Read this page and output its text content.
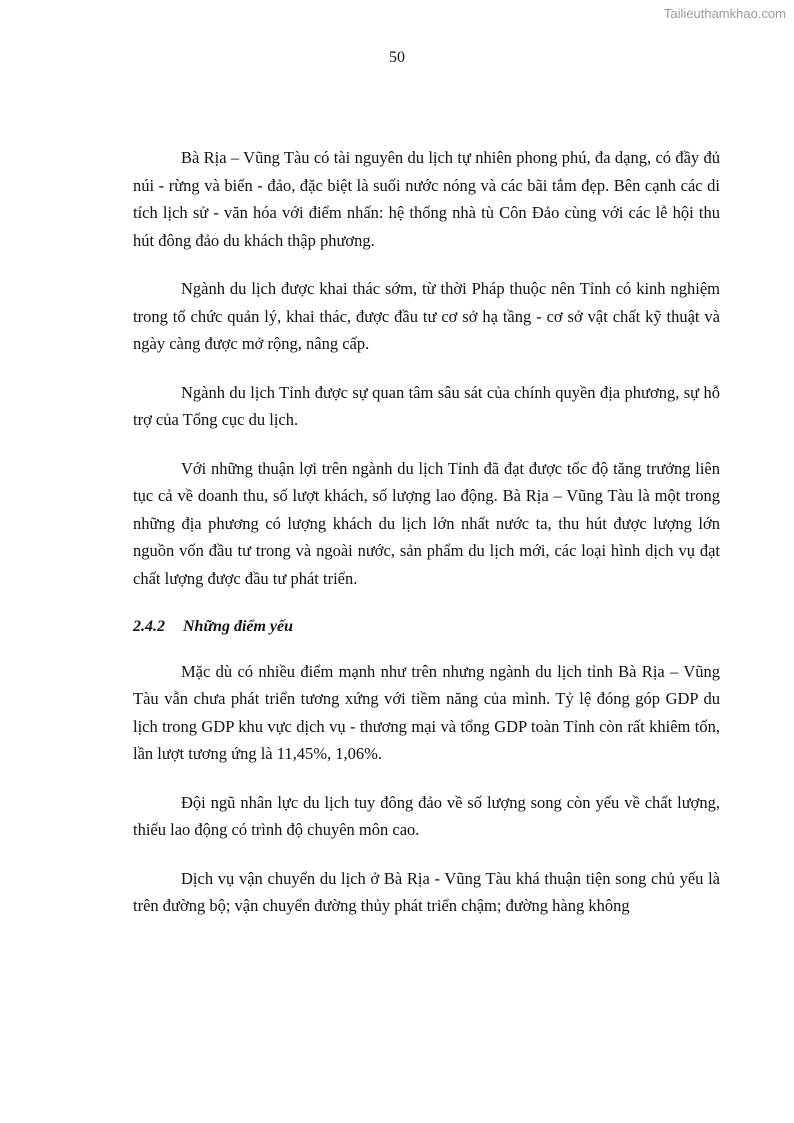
Tailieuthamkhao.com
50

Bà Rịa – Vũng Tàu có tài nguyên du lịch tự nhiên phong phú, đa dạng, có đầy đủ núi - rừng và biển - đảo, đặc biệt là suối nước nóng và các bãi tắm đẹp. Bên cạnh các di tích lịch sử - văn hóa với điểm nhấn: hệ thống nhà tù Côn Đảo cùng với các lễ hội thu hút đông đảo du khách thập phương.

Ngành du lịch được khai thác sớm, từ thời Pháp thuộc nên Tỉnh có kinh nghiệm trong tổ chức quản lý, khai thác, được đầu tư cơ sở hạ tầng - cơ sở vật chất kỹ thuật và ngày càng được mở rộng, nâng cấp.

Ngành du lịch Tỉnh được sự quan tâm sâu sát của chính quyền địa phương, sự hỗ trợ của Tổng cục du lịch.

Với những thuận lợi trên ngành du lịch Tỉnh đã đạt được tốc độ tăng trưởng liên tục cả về doanh thu, số lượt khách, số lượng lao động. Bà Rịa – Vũng Tàu là một trong những địa phương có lượng khách du lịch lớn nhất nước ta, thu hút được lượng lớn nguồn vốn đầu tư trong và ngoài nước, sản phẩm du lịch mới, các loại hình dịch vụ đạt chất lượng được đầu tư phát triển.

2.4.2 Những điểm yếu

Mặc dù có nhiều điểm mạnh như trên nhưng ngành du lịch tỉnh Bà Rịa – Vũng Tàu vẫn chưa phát triển tương xứng với tiềm năng của mình. Tỷ lệ đóng góp GDP du lịch trong GDP khu vực dịch vụ - thương mại và tổng GDP toàn Tỉnh còn rất khiêm tốn, lần lượt tương ứng là 11,45%, 1,06%.

Đội ngũ nhân lực du lịch tuy đông đảo về số lượng song còn yếu về chất lượng, thiếu lao động có trình độ chuyên môn cao.

Dịch vụ vận chuyển du lịch ở Bà Rịa - Vũng Tàu khá thuận tiện song chủ yếu là trên đường bộ; vận chuyển đường thủy phát triển chậm; đường hàng không
